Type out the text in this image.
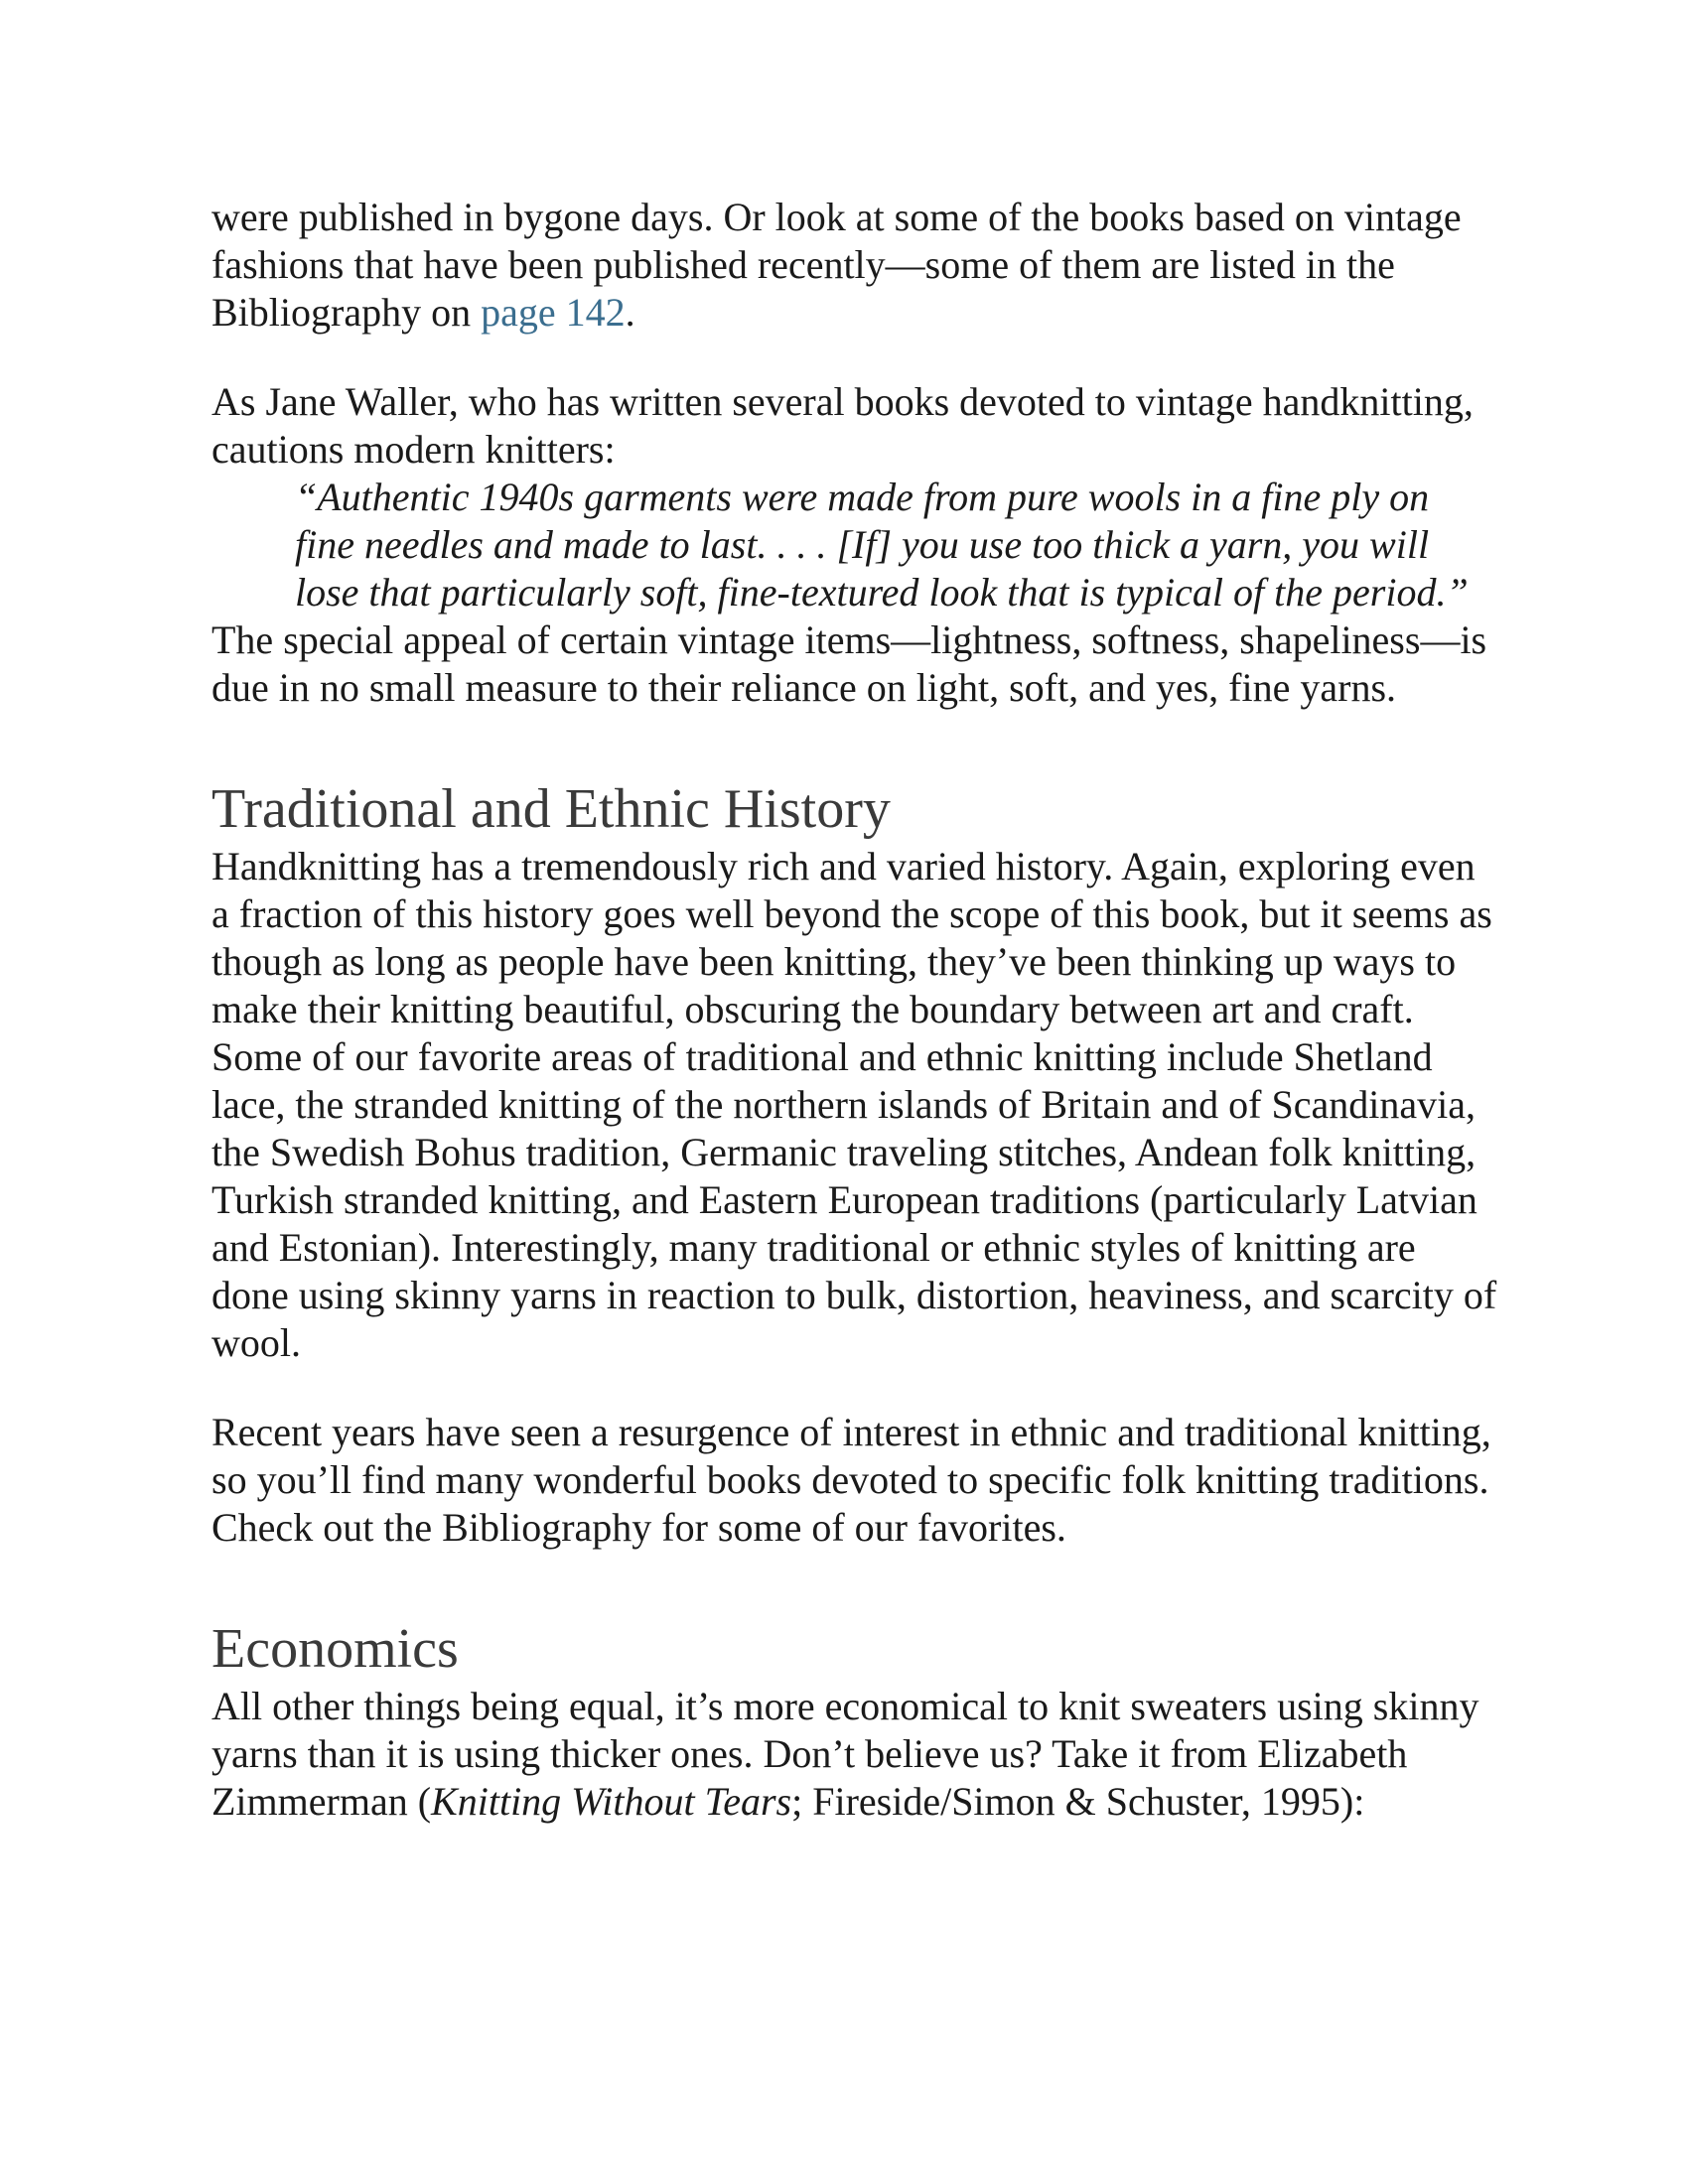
were published in bygone days. Or look at some of the books based on vintage fashions that have been published recently—some of them are listed in the Bibliography on page 142.

As Jane Waller, who has written several books devoted to vintage handknitting, cautions modern knitters:

“Authentic 1940s garments were made from pure wools in a fine ply on fine needles and made to last. . . . [If] you use too thick a yarn, you will lose that particularly soft, fine-textured look that is typical of the period.”

The special appeal of certain vintage items—lightness, softness, shapeliness—is due in no small measure to their reliance on light, soft, and yes, fine yarns.

Traditional and Ethnic History

Handknitting has a tremendously rich and varied history. Again, exploring even a fraction of this history goes well beyond the scope of this book, but it seems as though as long as people have been knitting, they’ve been thinking up ways to make their knitting beautiful, obscuring the boundary between art and craft. Some of our favorite areas of traditional and ethnic knitting include Shetland lace, the stranded knitting of the northern islands of Britain and of Scandinavia, the Swedish Bohus tradition, Germanic traveling stitches, Andean folk knitting, Turkish stranded knitting, and Eastern European traditions (particularly Latvian and Estonian). Interestingly, many traditional or ethnic styles of knitting are done using skinny yarns in reaction to bulk, distortion, heaviness, and scarcity of wool.

Recent years have seen a resurgence of interest in ethnic and traditional knitting, so you’ll find many wonderful books devoted to specific folk knitting traditions. Check out the Bibliography for some of our favorites.

Economics

All other things being equal, it’s more economical to knit sweaters using skinny yarns than it is using thicker ones. Don’t believe us? Take it from Elizabeth Zimmerman (Knitting Without Tears; Fireside/Simon & Schuster, 1995):
